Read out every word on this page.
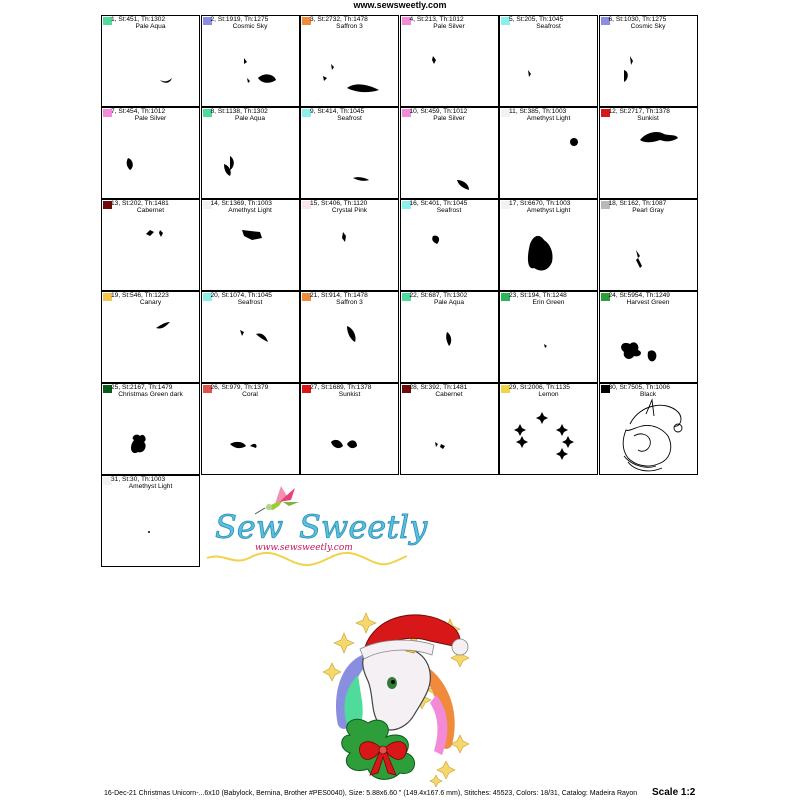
www.sewsweetly.com
1, St:451, Th:1302
Pale Aqua
2, St:1919, Th:1275
Cosmic Sky
3, St:2732, Th:1478
Saffron 3
4, St:213, Th:1012
Pale Silver
5, St:205, Th:1045
Seafrost
6, St:1030, Th:1275
Cosmic Sky
7, St:454, Th:1012
Pale Silver
8, St:1138, Th:1302
Pale Aqua
9, St:414, Th:1045
Seafrost
10, St:459, Th:1012
Pale Silver
11, St:385, Th:1003
Amethyst Light
12, St:2717, Th:1378
Sunkist
13, St:202, Th:1481
Cabernet
14, St:1369, Th:1003
Amethyst Light
15, St:406, Th:1120
Crystal Pink
16, St:401, Th:1045
Seafrost
17, St:6670, Th:1003
Amethyst Light
18, St:162, Th:1087
Pearl Gray
19, St:546, Th:1223
Canary
20, St:1074, Th:1045
Seafrost
21, St:914, Th:1478
Saffron 3
22, St:687, Th:1302
Pale Aqua
23, St:194, Th:1248
Erin Green
24, St:5954, Th:1249
Harvest Green
25, St:2167, Th:1479
Christmas Green dark
26, St:979, Th:1379
Coral
27, St:1689, Th:1378
Sunkist
28, St:392, Th:1481
Cabernet
29, St:2006, Th:1135
Lemon
30, St:7505, Th:1006
Black
31, St:30, Th:1003
Amethyst Light
Sew Sweetly
www.sewsweetly.com
16-Dec-21 Christmas Unicorn-...6x10 (Babylock, Bernina, Brother #PES0040), Size: 5.88x6.60 " (149.4x167.6 mm), Stitches: 45523, Colors: 18/31, Catalog: Madeira Rayon Scale 1:2
